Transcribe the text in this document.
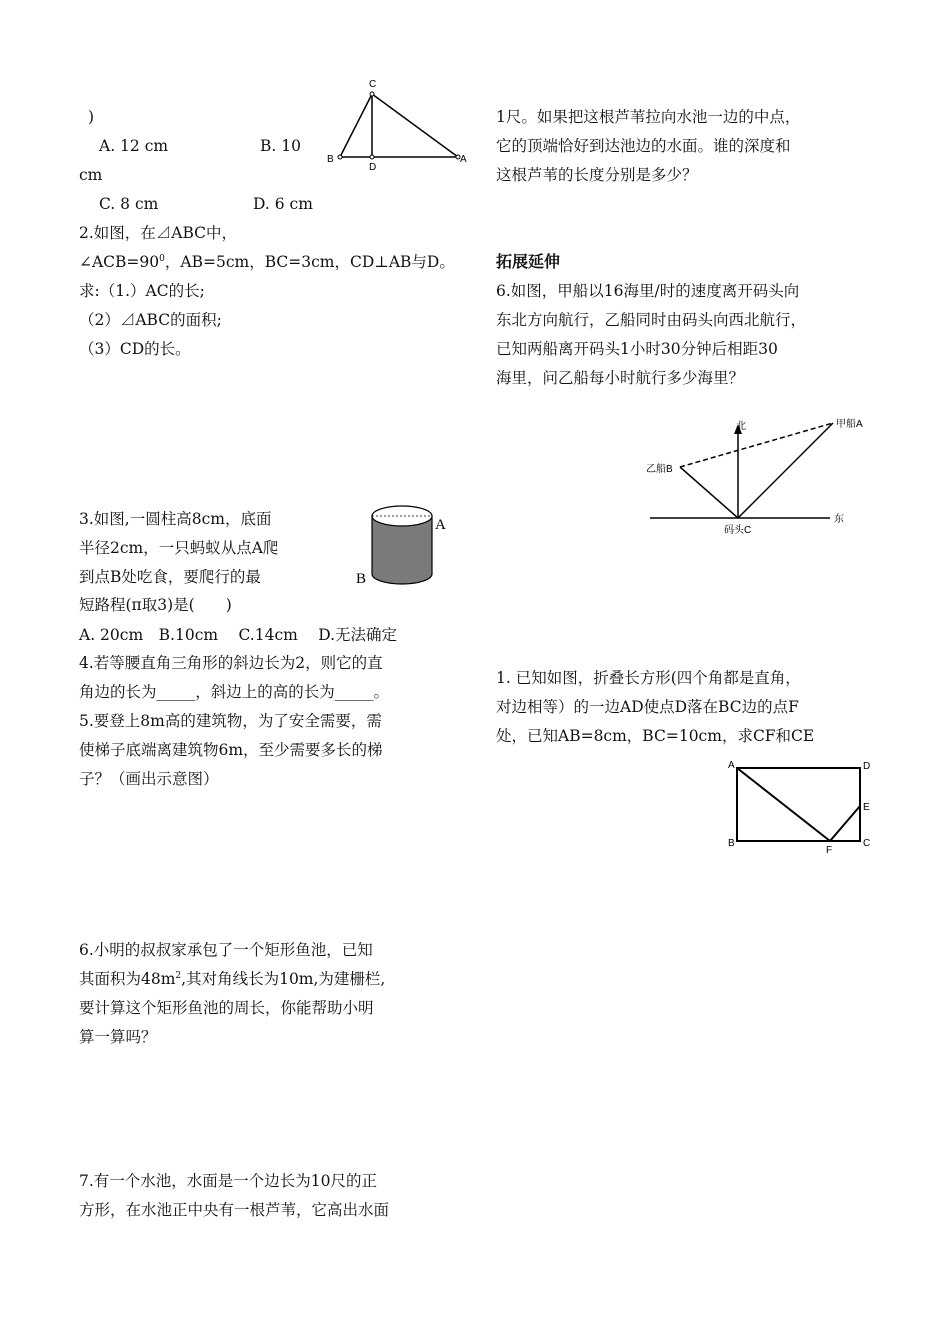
)
A. 12 cm	B. 10
cm
C. 8 cm	D. 6 cm
2.如图，在⊿ABC中，
$\angle ACB=90^0$，AB=5cm，BC=3cm，CD⊥AB与D。
求:（1.）AC的长;
（2）⊿ABC的面积;
（3）CD的长。
3.如图,一圆柱高8cm，底面
半径2cm，一只蚂蚁从点A爬
到点B处吃食，要爬行的最
短路程(π取3)是(　　)
A. 20cm　B.10cm　 C.14cm　 D.无法确定
4.若等腰直角三角形的斜边长为2，则它的直
角边的长为_____，斜边上的高的长为_____。
5.要登上8m高的建筑物，为了安全需要，需
使梯子底端离建筑物6m，至少需要多长的梯
子？（画出示意图）
6.小明的叔叔家承包了一个矩形鱼池，已知
其面积为$48m^2$,其对角线长为10m,为建栅栏,
要计算这个矩形鱼池的周长，你能帮助小明
算一算吗？
7.有一个水池，水面是一个边长为10尺的正
方形，在水池正中央有一根芦苇，它高出水面
1尺。如果把这根芦苇拉向水池一边的中点，
它的顶端恰好到达池边的水面。谁的深度和
这根芦苇的长度分别是多少？
拓展延伸
6.如图，甲船以16海里/时的速度离开码头向
东北方向航行，乙船同时由码头向西北航行，
已知两船离开码头1小时30分钟后相距30
海里，问乙船每小时航行多少海里？
1. 已知如图，折叠长方形(四个角都是直角，
对边相等）的一边AD使点D落在BC边的点F
处，已知AB=8cm，BC=10cm，求CF和CE
C
B
D
A
A
B
北
东
甲船A
乙船B
码头C
A	D
E
B
F
C
